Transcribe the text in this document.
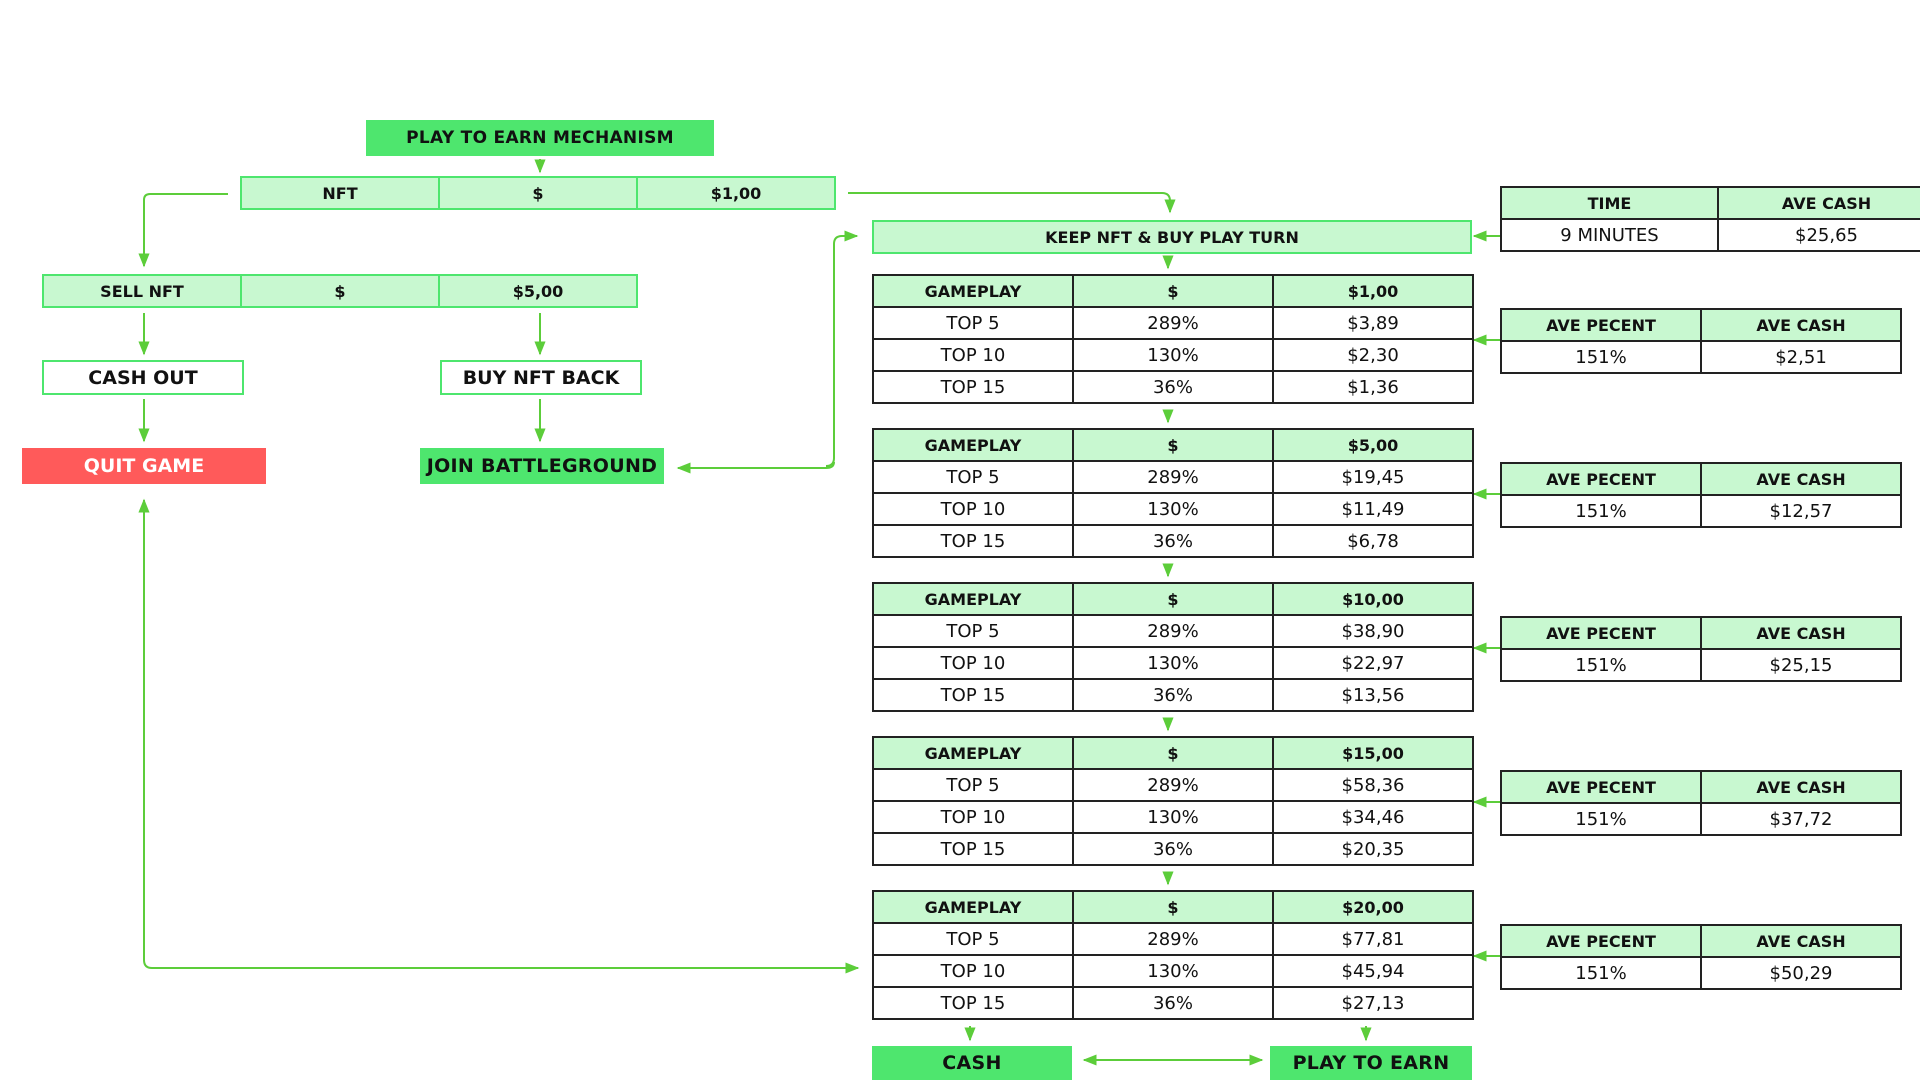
PLAY TO EARN MECHANISM
NFT	$	$1,00
SELL NFT	$	$5,00
CASH OUT	BUY NFT BACK
QUIT GAME	JOIN BATTLEGROUND
KEEP NFT & BUY PLAY TURN
TIME	AVE CASH
9 MINUTES	$25,65
GAMEPLAY	$	$1,00
TOP 5	289%	$3,89
TOP 10	130%	$2,30
TOP 15	36%	$1,36
GAMEPLAY	$	$5,00
TOP 5	289%	$19,45
TOP 10	130%	$11,49
TOP 15	36%	$6,78
GAMEPLAY	$	$10,00
TOP 5	289%	$38,90
TOP 10	130%	$22,97
TOP 15	36%	$13,56
GAMEPLAY	$	$15,00
TOP 5	289%	$58,36
TOP 10	130%	$34,46
TOP 15	36%	$20,35
GAMEPLAY	$	$20,00
TOP 5	289%	$77,81
TOP 10	130%	$45,94
TOP 15	36%	$27,13
AVE PECENT	AVE CASH
151%	$2,51
AVE PECENT	AVE CASH
151%	$12,57
AVE PECENT	AVE CASH
151%	$25,15
AVE PECENT	AVE CASH
151%	$37,72
AVE PECENT	AVE CASH
151%	$50,29
CASH	PLAY TO EARN
